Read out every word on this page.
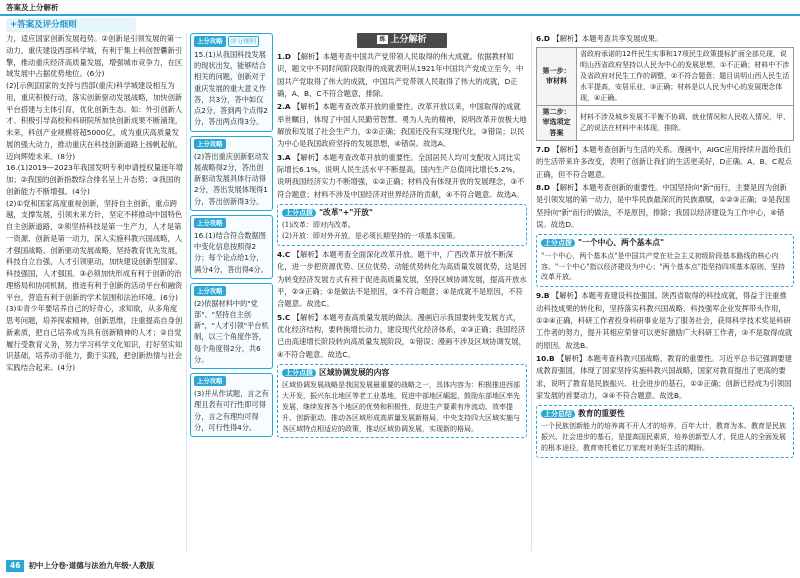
答案及上分解析
+答案及评分细则

力，适应国家创新发展趋势。②创新是引领发展的第一动力，重庆建设西部科学城，有利于集上科创智囊新引擎，推动重庆经济高质量发展，增强城市竞争力，在区域发展中占据优势地位。(6分)

(2)[示例]国家的支持与西部(重庆)科学城建设相互为用，重庆积极行动，落实创新驱动发展战略，加快创新平台搭建与主体引育，优化创新生态。如：外引创新人才、积极引导高校和科研院所加快创新成果不断涌现，未来，科创产业规模将超5000亿，成为重庆高质量发展的强大动力，推动重庆在科技创新道路上扬帆起航，迈向辉煌未来。(8分)

16.(1)2019—2023年我国发明专利申请授权量逐年增加；②我国的创新指数综合排名呈上升态势；③我国的创新能力不断增强。(4分)

(2)①党和国家高度重视创新，坚持自主创新，重点跨越，支撑发展，引领未来方针，坚定不移推动中国特色自主创新道路，②须坚持科技是第一生产力，人才是第一资源、创新是第一动力，深入实施科教兴国战略，人才强国战略、创新驱动发展战略，坚持教育优先发展，科技自立自强，人才引领驱动，加快建设创新型国家、科技强国，人才强国。③必须加快形成有利于创新的治理格局和协同机制，推进有利于创新的活动平台和融资平台，营造有利于创新的学术氛围和法治环境。(6分)

(3)①青少年要培养自己的好奇心，求知欲，从多角度思考问题，培养探索精神，创新思维，注重提高自身创新素质，把自己培养成为具有创新精神的人才；②自觉履行受教育义务，努力学习科学文化知识，打好坚实知识基础，培养动手能力，勤于实践，把创新热情与社会实践结合起来。(4分)

上分攻略	评分细则
15.(1)从我国科技发展的现状出发，能够结合相关的问题，创新对于重庆发展的重大意义作答，共3分，答中如仅点2分，答到两个点得2分，答出两点得3分。
上分攻略
(2)答出重庆创新驱动发展战略得2分，答出创新驱动发展具体行动得2分，答出发展体现得1分，答出创新得3分。
上分攻略
16.(1)结合符合数据图中变化信息按照得2分；每个论点给1分，满分4分，答出得4分。
上分攻略
(2)依据材料中的"党部"、"坚持自主创新"，"人才引领"平台机制，以三个角度作答，每个角度得2分，共6分。
上分攻略
(3)并从作试题，言之有理且表有可行性即可得分，言之有理均可得分，可行性得4分。
练 上分解析

1.D 【解析】本题考查中国共产党带领人民取得的伟大成就。依据教材知识，题文中不同时间阶段取得的成就表明从1921年中国共产党成立至今，中国共产党取得了伟大的成就，中国共产党带领人民取得了伟大的成就，D正确，A、B、C不符合题意，排除。

2.A 【解析】本题考查改革开放的重要性。改革开放以来，中国取得的成就举世瞩目，体现了中国人民勤劳智慧、勇为人先的精神，说明改革开放极大地解放和发展了社会生产力，①②正确；我国还没有实现现代化，③错误；以民为中心是我国政府坚持的发展思想，④错误。故选A。

3.A 【解析】本题考查改革开放的重要性。全国居民人均可支配收入同比实际增长6.1%，说明人民生活水平不断提高，国内生产总值同比增长5.2%，说明我国经济实力不断增强，①②正确；材料没有体现开放的发展理念，③不符合题意；材料不涉及中国经济对世界经济的贡献，④不符合题意。故选A。

上分点拨 "改革"+"开放"
(1)改革：即对内改革。
(2)开放：即对外开放，是必须长期坚持的一项基本国策。

4.C 【解析】本题考查全面深化改革开放。题干中，广西改革开放不断深化，进一步把资源优势、区位优势、动能优势转化为高质量发展优势，这是因为转变经济发展方式有利于促进高质量发展，坚持区域协调发展，提高开放水平，②③正确；①是做法不是原因，③不符合题意；④是成就不是原因，不符合题意。故选C。

5.C 【解析】本题考查高质量发展的做法。漫画启示我国要转变发展方式，优化经济结构，要转换增长动力，建设现代化经济体系，②③正确；我国经济已由高速增长阶段转向高质量发展阶段，①错误；漫画不涉及区域协调发展，④不符合题意。故选C。

上分点拨 区域协调发展的内容
区域协调发展战略是我国发展最重要的战略之一，具体内容为：积极推进西部大开发，振兴东北地区等老工业基地，促进中部地区崛起，鼓励东部地区率先发展，继续发挥各个地区的优势和积极性，促进生产要素有序流动、效率提升、创新驱动，推动各区域形成高质量发展新格局，中央支持四大区域实施与各区域特点相适应的政策，推动区域协调发展，实现新的格局。

6.D 【解析】本题考查共享发展成果。

第一步：审材料	省政府承诺的12件民生实事和17项民生政策提标扩面全部兑现，说明山西省政府坚持以人民为中心的发展思想，①不正确；材料中不涉及省政府对民生工作的调整，②不符合题意；题目说明山西人民生活水平提高，安居乐业，③正确；材料是以人民为中心的发展理念体现，④正确。
第二步：审选项定答案	材料不涉及城乡发展不平衡不协调、就业情况和人民收入情况，甲、乙的说法在材料中未体现，排除。

7.D 【解析】本题考查创新与生活的关系。漫画中，AIGC应用持续升温给我们的生活带来许多改变，表明了创新让我们的生活更美好，D正确。A、B、C观点正确，但不符合题意。

8.D 【解析】本题考查创新的重要性。中国坚持向"新"而行，主要是因为创新是引领发展的第一动力，是中华民族最深沉的民族禀赋，①②③正确；②是我国坚持向"新"而行的做法，不是原因，排除；我国以经济建设为工作中心，④错误。故选D。

上分点拨 "一个中心、两个基本点"
"一个中心，两个基本点"是中国共产党在社会主义初级阶段基本路线的核心内容。"一个中心"指以经济建设为中心；"两个基本点"指坚持四项基本原则、坚持改革开放。

9.B 【解析】本题考查建设科技强国。陕西省取得的科技成就，得益于注重推动科技成果的转化和，坚持落实科教兴国战略、科技强军企业发挥带头作用，①②④正确，科研工作者投身科研事业是为了服务社会，获得科学技术奖是科研工作者的努力，提升其相应荣誉可以更好激励广大科研工作者，③不是取得成就的原因。故选B。

10.B 【解析】本题考查科教兴国战略、教育的重要性。习近平总书记强调要建成教育强国，体现了国家坚持实施科教兴国战略，国家对教育提出了更高的要求，说明了教育是民族振兴、社会进步的基石，①②正确；创新已经成为引领国家发展的首要动力，③④不符合题意。故选B。

上分总结 教育的重要性
一个民族创新能力的培养离不开人才的培养，百年大计，教育为本。教育是民族振兴、社会进步的基石，是提高国民素质，培养创新型人才，促进人的全面发展的根本途径，教育寄托着亿万家庭对美好生活的期盼。
46 初中上分卷·道德与法治九年级·人教版
